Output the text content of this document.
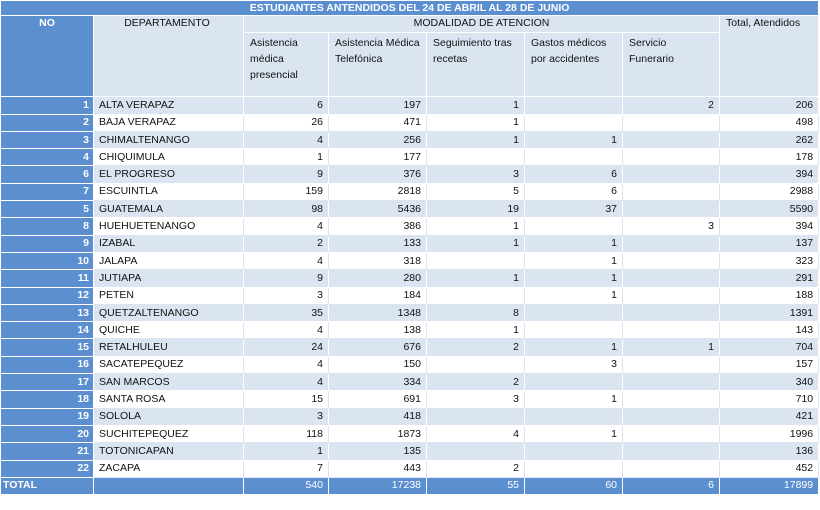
ESTUDIANTES ANTENDIDOS DEL 24 DE ABRIL AL 28 DE JUNIO							
NO	DEPARTAMENTO	MODALIDAD DE ATENCION					Total, Atendidos
		Asistencia médica presencial	Asistencia Médica Telefónica	Seguimiento tras recetas	Gastos médicos por accidentes	Servicio Funerario	
1	ALTA VERAPAZ	6	197	1		2	206
2	BAJA VERAPAZ	26	471	1			498
3	CHIMALTENANGO	4	256	1	1		262
4	CHIQUIMULA	1	177				178
6	EL PROGRESO	9	376	3	6		394
7	ESCUINTLA	159	2818	5	6		2988
5	GUATEMALA	98	5436	19	37		5590
8	HUEHUETENANGO	4	386	1		3	394
9	IZABAL	2	133	1	1		137
10	JALAPA	4	318		1		323
11	JUTIAPA	9	280	1	1		291
12	PETEN	3	184		1		188
13	QUETZALTENANGO	35	1348	8			1391
14	QUICHE	4	138	1			143
15	RETALHULEU	24	676	2	1	1	704
16	SACATEPEQUEZ	4	150		3		157
17	SAN MARCOS	4	334	2			340
18	SANTA ROSA	15	691	3	1		710
19	SOLOLA	3	418				421
20	SUCHITEPEQUEZ	118	1873	4	1		1996
21	TOTONICAPAN	1	135				136
22	ZACAPA	7	443	2			452
TOTAL		540	17238	55	60	6	17899
